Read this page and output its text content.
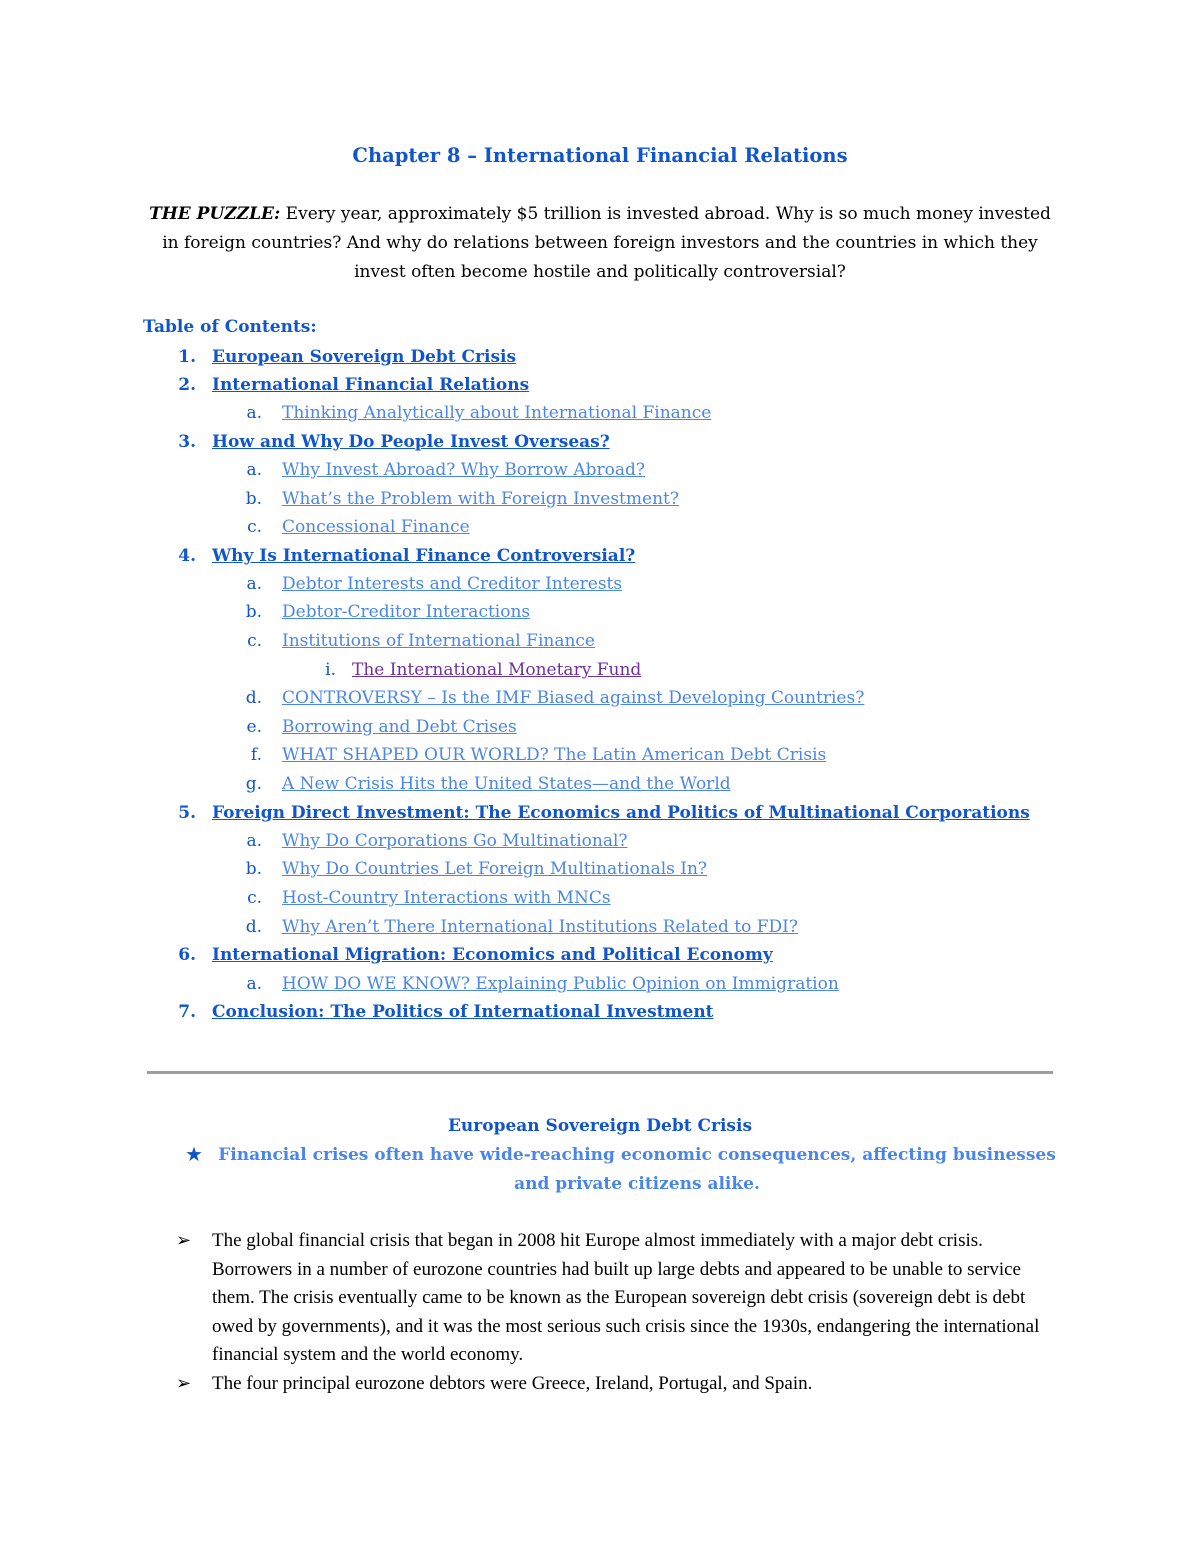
Chapter 8 – International Financial Relations
THE PUZZLE: Every year, approximately $5 trillion is invested abroad. Why is so much money invested in foreign countries? And why do relations between foreign investors and the countries in which they invest often become hostile and politically controversial?
Table of Contents:
1. European Sovereign Debt Crisis
2. International Financial Relations
a. Thinking Analytically about International Finance
3. How and Why Do People Invest Overseas?
a. Why Invest Abroad? Why Borrow Abroad?
b. What’s the Problem with Foreign Investment?
c. Concessional Finance
4. Why Is International Finance Controversial?
a. Debtor Interests and Creditor Interests
b. Debtor-Creditor Interactions
c. Institutions of International Finance
i. The International Monetary Fund
d. CONTROVERSY – Is the IMF Biased against Developing Countries?
e. Borrowing and Debt Crises
f. WHAT SHAPED OUR WORLD? The Latin American Debt Crisis
g. A New Crisis Hits the United States—and the World
5. Foreign Direct Investment: The Economics and Politics of Multinational Corporations
a. Why Do Corporations Go Multinational?
b. Why Do Countries Let Foreign Multinationals In?
c. Host-Country Interactions with MNCs
d. Why Aren’t There International Institutions Related to FDI?
6. International Migration: Economics and Political Economy
a. HOW DO WE KNOW? Explaining Public Opinion on Immigration
7. Conclusion: The Politics of International Investment
European Sovereign Debt Crisis
★ Financial crises often have wide-reaching economic consequences, affecting businesses and private citizens alike.
➢ The global financial crisis that began in 2008 hit Europe almost immediately with a major debt crisis. Borrowers in a number of eurozone countries had built up large debts and appeared to be unable to service them. The crisis eventually came to be known as the European sovereign debt crisis (sovereign debt is debt owed by governments), and it was the most serious such crisis since the 1930s, endangering the international financial system and the world economy.
➢ The four principal eurozone debtors were Greece, Ireland, Portugal, and Spain.
